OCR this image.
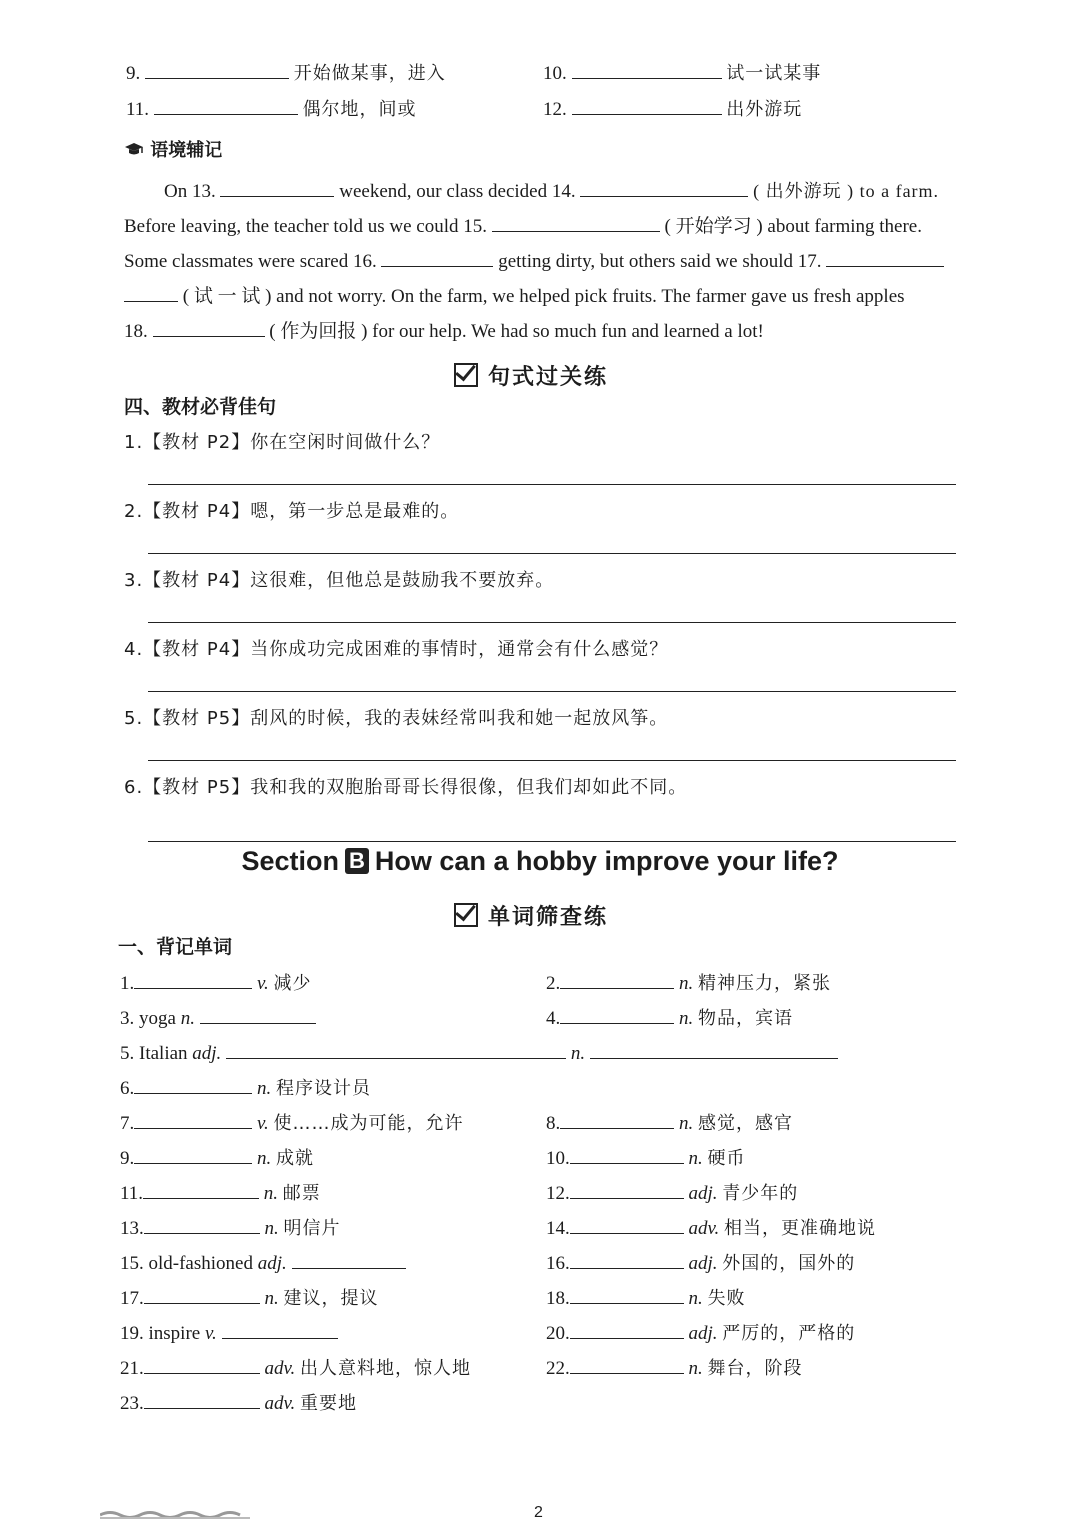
9.	开始做某事，进入	10.	试一试某事
11.	偶尔地，间或	12.	出外游玩
语境辅记
On 13.	weekend, our class decided 14.	( 出外游玩 ) to a farm.
Before leaving, the teacher told us we could 15.	( 开始学习 ) about farming there.
Some classmates were scared 16.	getting dirty, but others said we should 17.
( 试 一 试 ) and not worry. On the farm, we helped pick fruits. The farmer gave us fresh apples
18.	( 作为回报 ) for our help. We had so much fun and learned a lot!
句式过关练
四、教材必背佳句
1.【教材 P2】你在空闲时间做什么？
2.【教材 P4】嗯，第一步总是最难的。
3.【教材 P4】这很难，但他总是鼓励我不要放弃。
4.【教材 P4】当你成功完成困难的事情时，通常会有什么感觉？
5.【教材 P5】刮风的时候，我的表妹经常叫我和她一起放风筝。
6.【教材 P5】我和我的双胞胎哥哥长得很像，但我们却如此不同。
Section B How can a hobby improve your life?
单词筛查练
一、背记单词
1.	v. 减少	2.	n. 精神压力，紧张
3. yoga n.	4.	n. 物品，宾语
5. Italian adj.	n.
6.	n. 程序设计员
7.	v. 使……成为可能，允许	8.	n. 感觉，感官
9.	n. 成就	10.	n. 硬币
11.	n. 邮票	12.	adj. 青少年的
13.	n. 明信片	14.	adv. 相当，更准确地说
15. old-fashioned adj.	16.	adj. 外国的，国外的
17.	n. 建议，提议	18.	n. 失败
19. inspire v.	20.	adj. 严厉的，严格的
21.	adv. 出人意料地，惊人地	22.	n. 舞台，阶段
23.	adv. 重要地
2
